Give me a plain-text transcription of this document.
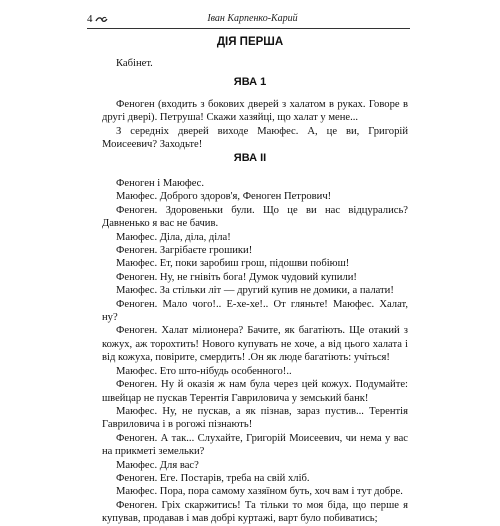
4	Іван Карпенко-Карий
ДІЯ ПЕРША

Кабінет.

ЯВА 1

Феноген (входить з бокових дверей з халатом в руках. Говоре в другі двері). Петруша! Скажи хазяйці, що халат у мене...

З середніх дверей виходе Маюфес. А, це ви, Григорій Моисеевич? Заходьте!

ЯВА II

Феноген і Маюфес.

Маюфес. Доброго здоров'я, Феноген Петрович!

Феноген. Здоровеньки були. Що це ви нас відцурались? Давненько я вас не бачив.

Маюфес. Діла, діла, діла!

Феноген. Загрібаєте грошики!

Маюфес. Ет, поки заробиш грош, підошви побіюш!

Феноген. Ну, не гнівіть бога! Думок чудовий купили!

Маюфес. За стільки літ — другий купив не домики, а палати!

Феноген. Мало чого!.. Е-хе-хе!.. От гляньте! Маюфес. Халат, ну?

Феноген. Халат мілионера? Бачите, як багатіють. Ще отакий з кожух, аж торохтить! Нового купувать не хоче, а від цього халата і від кожуха, повірите, смердить! .Он як люде багатіють: учіться!

Маюфес. Ето што-нібудь особенного!..

Феноген. Ну й оказія ж нам була через цей кожух. Подумайте: швейцар не пускав Терентія Гавриловича у земський банк!

Маюфес. Ну, не пускав, а як пізнав, зараз пустив... Терентія Гавриловича і в рогожі пізнають!

Феноген. А так... Слухайте, Григорій Моисеевич, чи нема у вас на прикметі земельки?

Маюфес. Для вас?

Феноген. Еге. Постарів, треба на свій хліб.

Маюфес. Пора, пора самому хазяїном буть, хоч вам і тут добре.

Феноген. Гріх скаржитись! Та тільки то моя біда, що перше я купував, продавав і мав добрі куртажі, варт було побиватись;
